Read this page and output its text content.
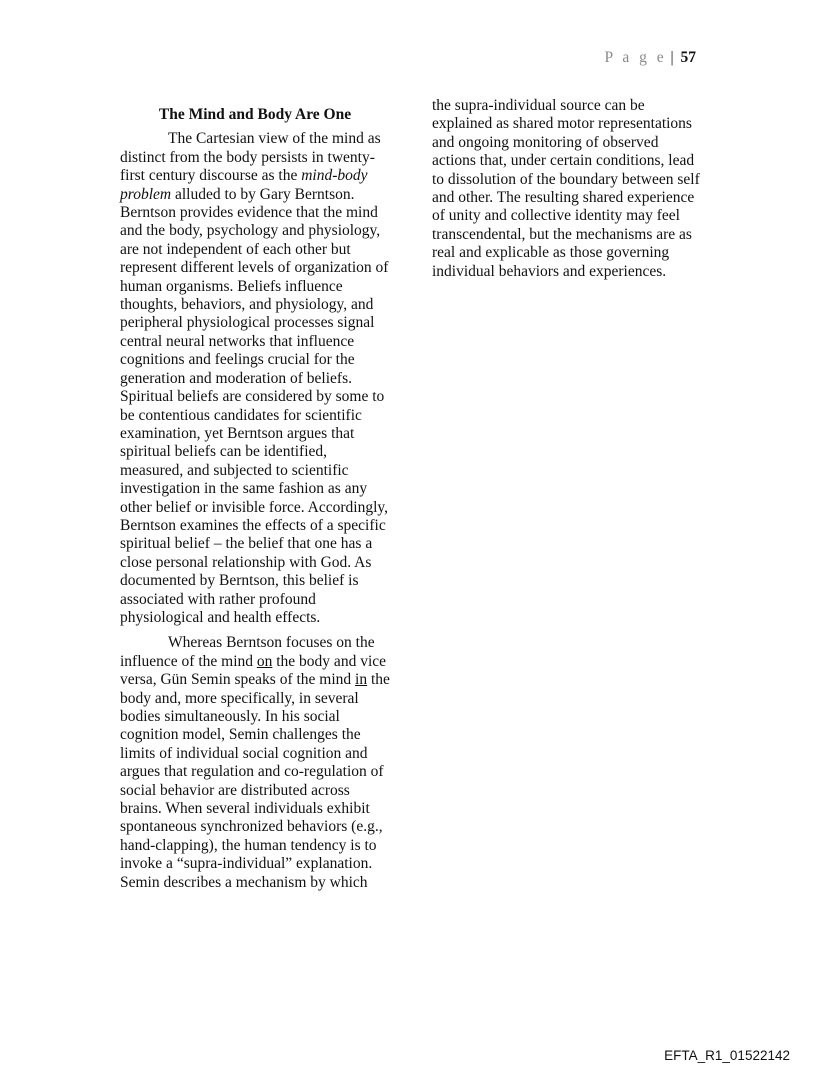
P a g e | 57
The Mind and Body Are One

The Cartesian view of the mind as distinct from the body persists in twenty-first century discourse as the mind-body problem alluded to by Gary Berntson. Berntson provides evidence that the mind and the body, psychology and physiology, are not independent of each other but represent different levels of organization of human organisms. Beliefs influence thoughts, behaviors, and physiology, and peripheral physiological processes signal central neural networks that influence cognitions and feelings crucial for the generation and moderation of beliefs. Spiritual beliefs are considered by some to be contentious candidates for scientific examination, yet Berntson argues that spiritual beliefs can be identified, measured, and subjected to scientific investigation in the same fashion as any other belief or invisible force. Accordingly, Berntson examines the effects of a specific spiritual belief – the belief that one has a close personal relationship with God. As documented by Berntson, this belief is associated with rather profound physiological and health effects.

Whereas Berntson focuses on the influence of the mind on the body and vice versa, Gün Semin speaks of the mind in the body and, more specifically, in several bodies simultaneously. In his social cognition model, Semin challenges the limits of individual social cognition and argues that regulation and co-regulation of social behavior are distributed across brains. When several individuals exhibit spontaneous synchronized behaviors (e.g., hand-clapping), the human tendency is to invoke a “supra-individual” explanation. Semin describes a mechanism by which

the supra-individual source can be explained as shared motor representations and ongoing monitoring of observed actions that, under certain conditions, lead to dissolution of the boundary between self and other. The resulting shared experience of unity and collective identity may feel transcendental, but the mechanisms are as real and explicable as those governing individual behaviors and experiences.

EFTA_R1_01522142
